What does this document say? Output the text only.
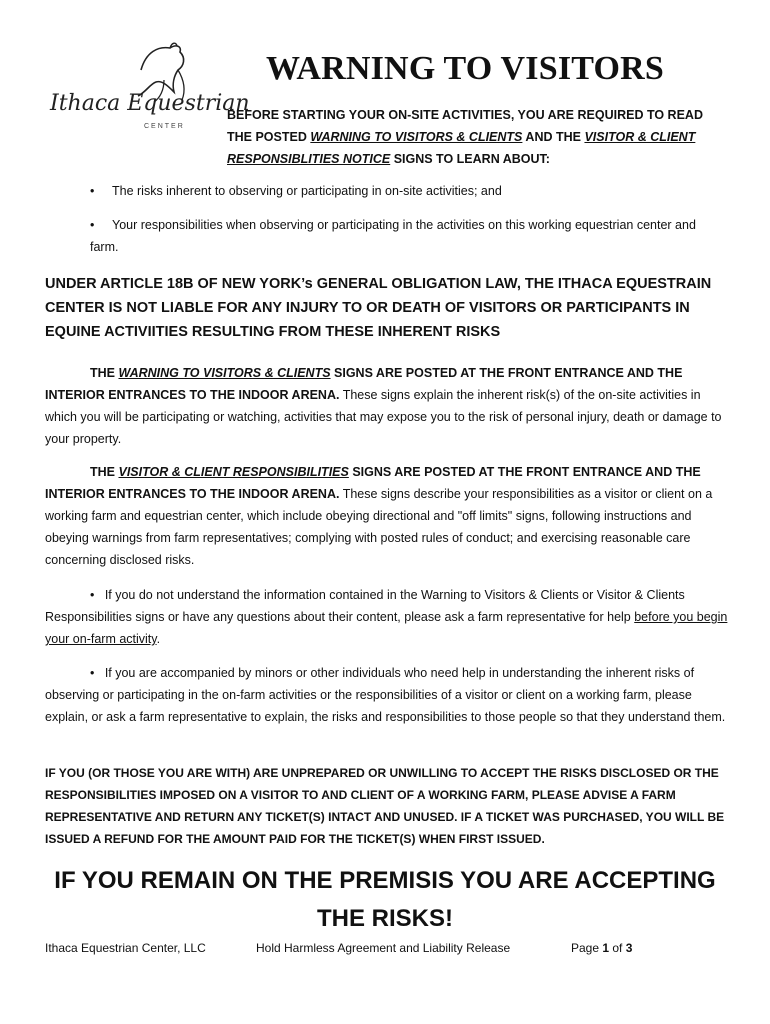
Ithaca Equestrian
CENTER
WARNING TO VISITORS
BEFORE STARTING YOUR ON-SITE ACTIVITIES, YOU ARE REQUIRED TO READ THE POSTED WARNING TO VISITORS & CLIENTS AND THE VISITOR & CLIENT RESPONSIBLITIES NOTICE SIGNS TO LEARN ABOUT:
• The risks inherent to observing or participating in on-site activities; and
• Your responsibilities when observing or participating in the activities on this working equestrian center and farm.
UNDER ARTICLE 18B OF NEW YORK’s GENERAL OBLIGATION LAW, THE ITHACA EQUESTRAIN CENTER IS NOT LIABLE FOR ANY INJURY TO OR DEATH OF VISITORS OR PARTICIPANTS IN EQUINE ACTIVIITIES RESULTING FROM THESE INHERENT RISKS
THE WARNING TO VISITORS & CLIENTS SIGNS ARE POSTED AT THE FRONT ENTRANCE AND THE INTERIOR ENTRANCES TO THE INDOOR ARENA. These signs explain the inherent risk(s) of the on-site activities in which you will be participating or watching, activities that may expose you to the risk of personal injury, death or damage to your property.
THE VISITOR & CLIENT RESPONSIBILITIES SIGNS ARE POSTED AT THE FRONT ENTRANCE AND THE INTERIOR ENTRANCES TO THE INDOOR ARENA. These signs describe your responsibilities as a visitor or client on a working farm and equestrian center, which include obeying directional and "off limits" signs, following instructions and obeying warnings from farm representatives; complying with posted rules of conduct; and exercising reasonable care concerning disclosed risks.
• If you do not understand the information contained in the Warning to Visitors & Clients or Visitor & Clients Responsibilities signs or have any questions about their content, please ask a farm representative for help before you begin your on-farm activity.
• If you are accompanied by minors or other individuals who need help in understanding the inherent risks of observing or participating in the on-farm activities or the responsibilities of a visitor or client on a working farm, please explain, or ask a farm representative to explain, the risks and responsibilities to those people so that they understand them.
IF YOU (OR THOSE YOU ARE WITH) ARE UNPREPARED OR UNWILLING TO ACCEPT THE RISKS DISCLOSED OR THE RESPONSIBILITIES IMPOSED ON A VISITOR TO AND CLIENT OF A WORKING FARM, PLEASE ADVISE A FARM REPRESENTATIVE AND RETURN ANY TICKET(S) INTACT AND UNUSED. IF A TICKET WAS PURCHASED, YOU WILL BE ISSUED A REFUND FOR THE AMOUNT PAID FOR THE TICKET(S) WHEN FIRST ISSUED.
IF YOU REMAIN ON THE PREMISIS YOU ARE ACCEPTING THE RISKS!
Ithaca Equestrian Center, LLC	Hold Harmless Agreement and Liability Release	Page 1 of 3
